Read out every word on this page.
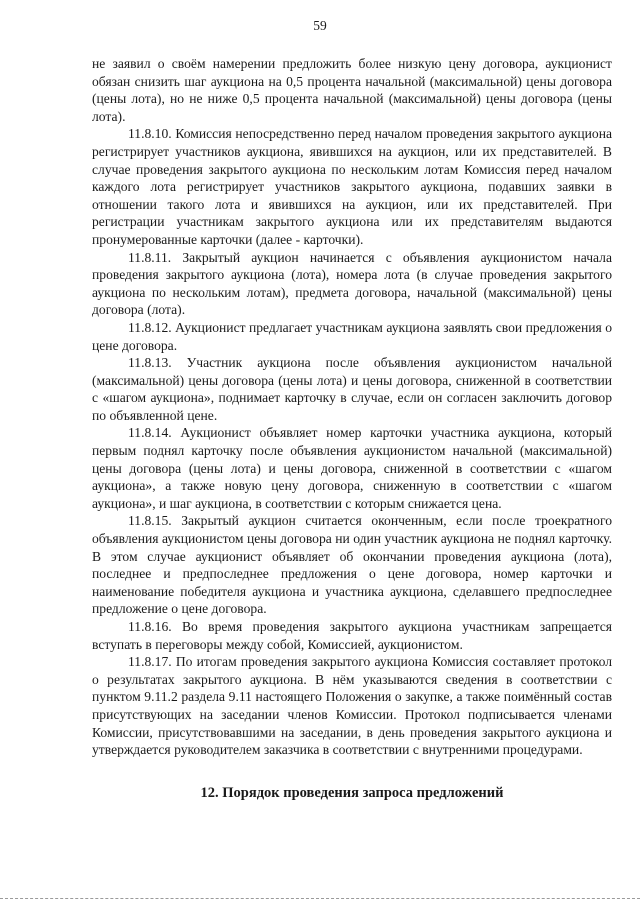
59

не заявил о своём намерении предложить более низкую цену договора, аукционист обязан снизить шаг аукциона на 0,5 процента начальной (максимальной) цены договора (цены лота), но не ниже 0,5 процента начальной (максимальной) цены договора (цены лота).

11.8.10. Комиссия непосредственно перед началом проведения закрытого аукциона регистрирует участников аукциона, явившихся на аукцион, или их представителей. В случае проведения закрытого аукциона по нескольким лотам Комиссия перед началом каждого лота регистрирует участников закрытого аукциона, подавших заявки в отношении такого лота и явившихся на аукцион, или их представителей. При регистрации участникам закрытого аукциона или их представителям выдаются пронумерованные карточки (далее - карточки).

11.8.11. Закрытый аукцион начинается с объявления аукционистом начала проведения закрытого аукциона (лота), номера лота (в случае проведения закрытого аукциона по нескольким лотам), предмета договора, начальной (максимальной) цены договора (лота).

11.8.12. Аукционист предлагает участникам аукциона заявлять свои предложения о цене договора.

11.8.13. Участник аукциона после объявления аукционистом начальной (максимальной) цены договора (цены лота) и цены договора, сниженной в соответствии с «шагом аукциона», поднимает карточку в случае, если он согласен заключить договор по объявленной цене.

11.8.14. Аукционист объявляет номер карточки участника аукциона, который первым поднял карточку после объявления аукционистом начальной (максимальной) цены договора (цены лота) и цены договора, сниженной в соответствии с «шагом аукциона», а также новую цену договора, сниженную в соответствии с «шагом аукциона», и шаг аукциона, в соответствии с которым снижается цена.

11.8.15. Закрытый аукцион считается оконченным, если после троекратного объявления аукционистом цены договора ни один участник аукциона не поднял карточку. В этом случае аукционист объявляет об окончании проведения аукциона (лота), последнее и предпоследнее предложения о цене договора, номер карточки и наименование победителя аукциона и участника аукциона, сделавшего предпоследнее предложение о цене договора.

11.8.16. Во время проведения закрытого аукциона участникам запрещается вступать в переговоры между собой, Комиссией, аукционистом.

11.8.17. По итогам проведения закрытого аукциона Комиссия составляет протокол о результатах закрытого аукциона. В нём указываются сведения в соответствии с пунктом 9.11.2 раздела 9.11 настоящего Положения о закупке, а также поимённый состав присутствующих на заседании членов Комиссии. Протокол подписывается членами Комиссии, присутствовавшими на заседании, в день проведения закрытого аукциона и утверждается руководителем заказчика в соответствии с внутренними процедурами.

12. Порядок проведения запроса предложений
